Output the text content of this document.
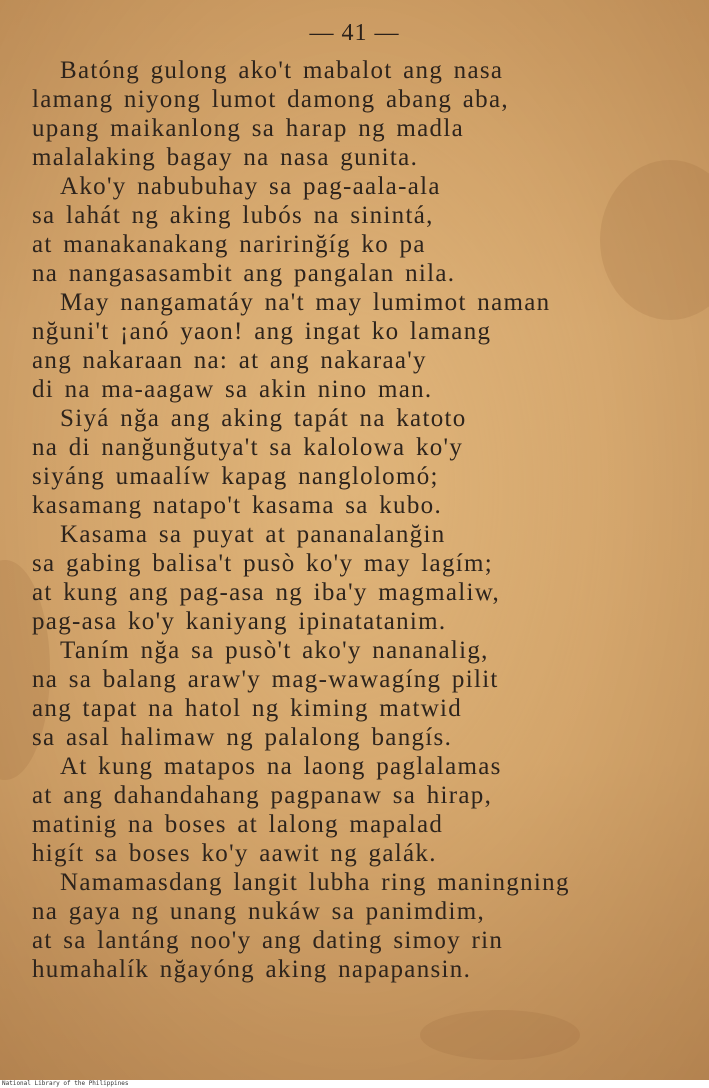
— 41 —
Batóng gulong ako't mabalot ang nasa
lamang niyong lumot damong abang aba,
upang maikanlong sa harap ng madla
malalaking bagay na nasa gunita.
Ako'y nabubuhay sa pag-aala-ala
sa lahát ng aking lubós na sinintá,
at manakanakang naririnğíg ko pa
na nangasasambit ang pangalan nila.
May nangamatáy na't may lumimot naman
nğuni't ¡anó yaon! ang ingat ko lamang
ang nakaraan na: at ang nakaraa'y
di na ma-aagaw sa akin nino man.
Siyá nğa ang aking tapát na katoto
na di nanğunğutya't sa kalolowa ko'y
siyáng umaalíw kapag nanglolomó;
kasamang natapo't kasama sa kubo.
Kasama sa puyat at pananalanğin
sa gabing balisa't pusò ko'y may lagím;
at kung ang pag-asa ng iba'y magmaliw,
pag-asa ko'y kaniyang ipinatatanim.
Taním nğa sa pusò't ako'y nananalig,
na sa balang araw'y mag-wawagíng pilit
ang tapat na hatol ng kiming matwid
sa asal halimaw ng palalong bangís.
At kung matapos na laong paglalamas
at ang dahandahang pagpanaw sa hirap,
matinig na boses at lalong mapalad
higít sa boses ko'y aawit ng galák.
Namamasdang langit lubha ring maningning
na gaya ng unang nukáw sa panimdim,
at sa lantáng noo'y ang dating simoy rin
humahalík nğayóng aking napapansin.
National Library of the Philippines
